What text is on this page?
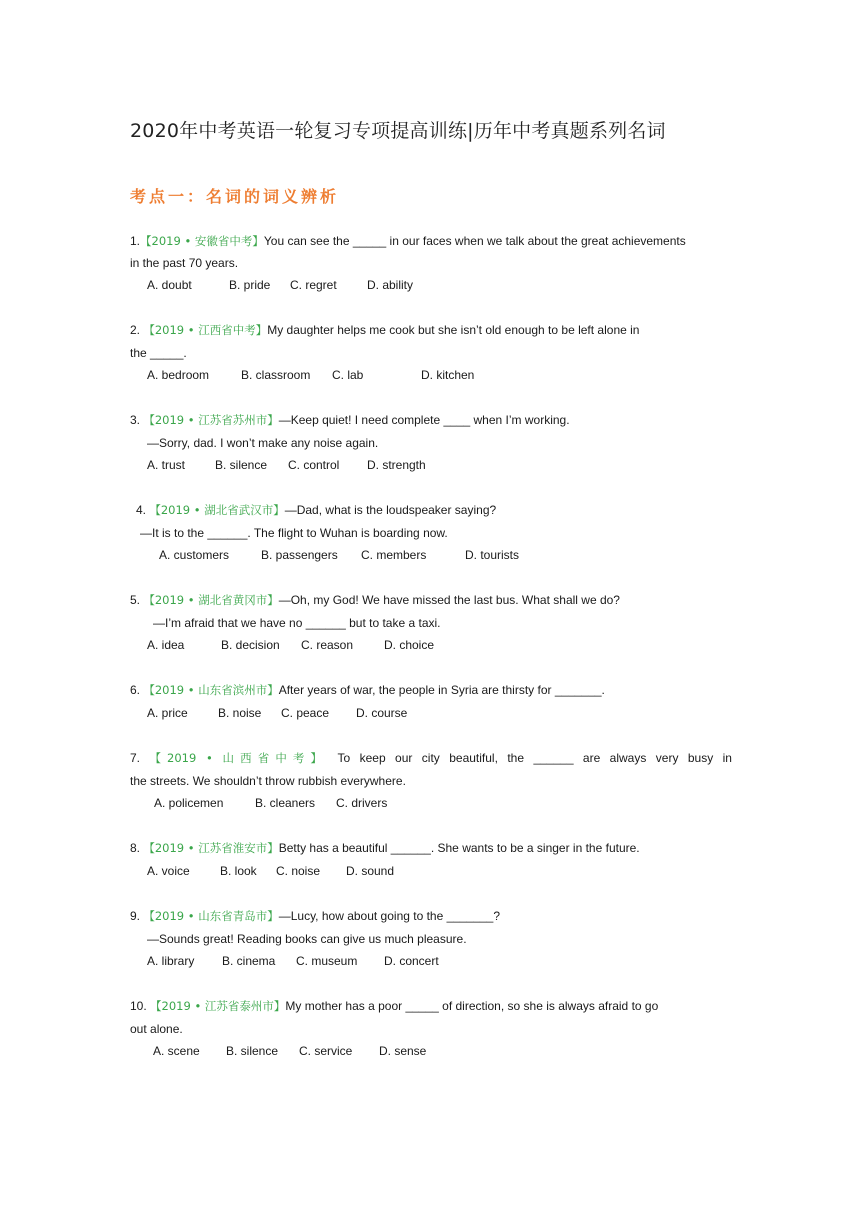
2020年中考英语一轮复习专项提高训练|历年中考真题系列名词
考点一：名词的词义辨析
1.【2019 • 安徽省中考】You can see the _____ in our faces when we talk about the great achievements
in the past 70 years.
A. doubt	B. pride C. regret	D. ability
2. 【2019 • 江西省中考】My daughter helps me cook but she isn’t old enough to be left alone in
the _____.
A. bedroom	B. classroom C. lab	D. kitchen
3. 【2019 • 江苏省苏州市】—Keep quiet! I need complete ____ when I’m working.
—Sorry, dad. I won’t make any noise again.
A. trust B. silence C. control D. strength
4. 【2019 • 湖北省武汉市】—Dad, what is the loudspeaker saying?
—It is to the ______. The flight to Wuhan is boarding now.
A. customers	B. passengers C. members	D. tourists
5. 【2019 • 湖北省黄冈市】—Oh, my God! We have missed the last bus. What shall we do?
—I’m afraid that we have no ______ but to take a taxi.
A. idea	B. decision C. reason	D. choice
6. 【2019 • 山东省滨州市】After years of war, the people in Syria are thirsty for _______.
A. price	B. noise C. peace D. course
7. 【2019 • 山西省中考】 To keep our city beautiful, the ______ are always very busy in
the streets. We shouldn’t throw rubbish everywhere.
A. policemen	B. cleaners C. drivers
8. 【2019 • 江苏省淮安市】Betty has a beautiful ______. She wants to be a singer in the future.
A. voice	B. look C. noise D. sound
9. 【2019 • 山东省青岛市】—Lucy, how about going to the _______?
—Sounds great! Reading books can give us much pleasure.
A. library B. cinema C. museum D. concert
10. 【2019 • 江苏省泰州市】My mother has a poor _____ of direction, so she is always afraid to go
out alone.
A. scene B. silence C. service D. sense
